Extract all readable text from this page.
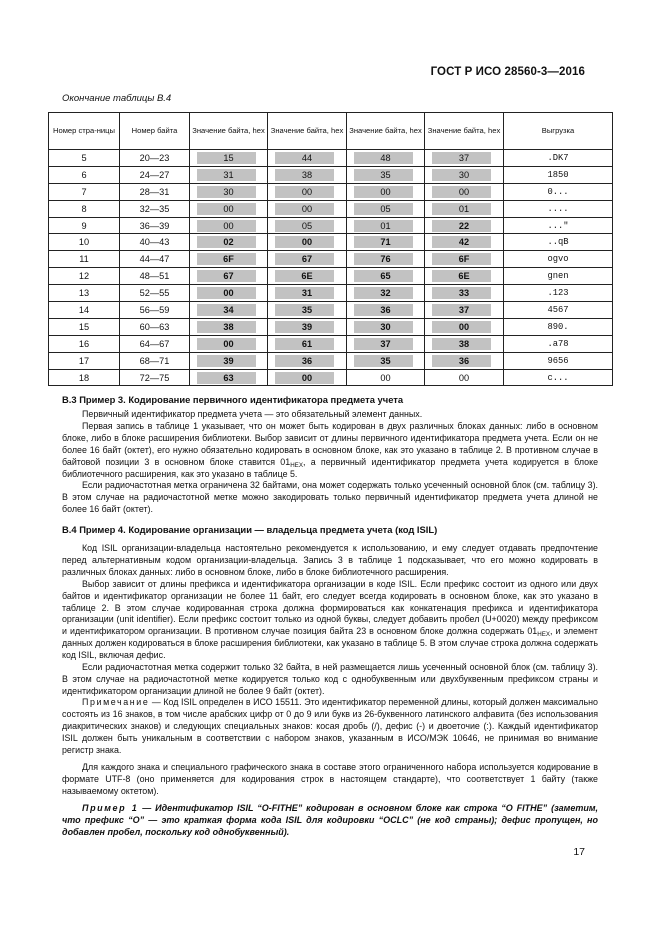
ГОСТ Р ИСО 28560-3—2016
Окончание таблицы В.4
Номер стра-ницы	Номер байта	Значение байта, hex	Значение байта, hex	Значение байта, hex	Значение байта, hex	Выгрузка
5	20—23	15	44	48	37	.DK7
6	24—27	31	38	35	30	1850
7	28—31	30	00	00	00	0...
8	32—35	00	00	05	01	....
9	36—39	00	05	01	22	..."
10	40—43	02	00	71	42	..qB
11	44—47	6F	67	76	6F	ogvo
12	48—51	67	6E	65	6E	gnen
13	52—55	00	31	32	33	.123
14	56—59	34	35	36	37	4567
15	60—63	38	39	30	00	890.
16	64—67	00	61	37	38	.a78
17	68—71	39	36	35	36	9656
18	72—75	63	00	00	00	c...
В.3 Пример 3. Кодирование первичного идентификатора предмета учета

Первичный идентификатор предмета учета — это обязательный элемент данных.

Первая запись в таблице 1 указывает, что он может быть кодирован в двух различных блоках данных: либо в основном блоке, либо в блоке расширения библиотеки. Выбор зависит от длины первичного идентификатора предмета учета. Если он не более 16 байт (октет), его нужно обязательно кодировать в основном блоке, как это указано в таблице 2. В противном случае в байтовой позиции 3 в основном блоке ставится $01_{HEX}$, а первичный идентификатор предмета учета кодируется в блоке библиотечного расширения, как это указано в таблице 5.

Если радиочастотная метка ограничена 32 байтами, она может содержать только усеченный основной блок (см. таблицу 3). В этом случае на радиочастотной метке можно закодировать только первичный идентификатор предмета учета длиной не более 16 байт (октет).

В.4 Пример 4. Кодирование организации — владельца предмета учета (код ISIL)

Код ISIL организации-владельца настоятельно рекомендуется к использованию, и ему следует отдавать предпочтение перед альтернативным кодом организации-владельца. Запись 3 в таблице 1 подсказывает, что его можно кодировать в различных блоках данных: либо в основном блоке, либо в блоке библиотечного расширения.

Выбор зависит от длины префикса и идентификатора организации в коде ISIL. Если префикс состоит из одного или двух байтов и идентификатор организации не более 11 байт, его следует всегда кодировать в основном блоке, как это указано в таблице 2. В этом случае кодированная строка должна формироваться как конкатенация префикса и идентификатора организации (unit identifier). Если префикс состоит только из одной буквы, следует добавить пробел (U+0020) между префиксом и идентификатором организации. В противном случае позиция байта 23 в основном блоке должна содержать $01_{HEX}$, и элемент данных должен кодироваться в блоке расширения библиотеки, как указано в таблице 5. В этом случае строка должна содержать код ISIL, включая дефис.

Если радиочастотная метка содержит только 32 байта, в ней размещается лишь усеченный основной блок (см. таблицу 3). В этом случае на радиочастотной метке кодируется только код с однобуквенным или двухбуквенным префиксом страны и идентификатором организации длиной не более 9 байт (октет).

Примечание — Код ISIL определен в ИСО 15511. Это идентификатор переменной длины, который должен максимально состоять из 16 знаков, в том числе арабских цифр от 0 до 9 или букв из 26-буквенного латинского алфавита (без использования диакритических знаков) и следующих специальных знаков: косая дробь (/), дефис (-) и двоеточие (:). Каждый идентификатор ISIL должен быть уникальным в соответствии с набором знаков, указанным в ИСО/МЭК 10646, не принимая во внимание регистр знака.

Для каждого знака и специального графического знака в составе этого ограниченного набора используется кодирование в формате UTF-8 (оно применяется для кодирования строк в настоящем стандарте), что соответствует 1 байту (также называемому октетом).

Пример 1 — Идентификатор ISIL “O-FITHE” кодирован в основном блоке как строка “O FITHE” (заметим, что префикс “O” — это краткая форма кода ISIL для кодировки “OCLC” (не код страны); дефис пропущен, но добавлен пробел, поскольку код однобуквенный).

17
